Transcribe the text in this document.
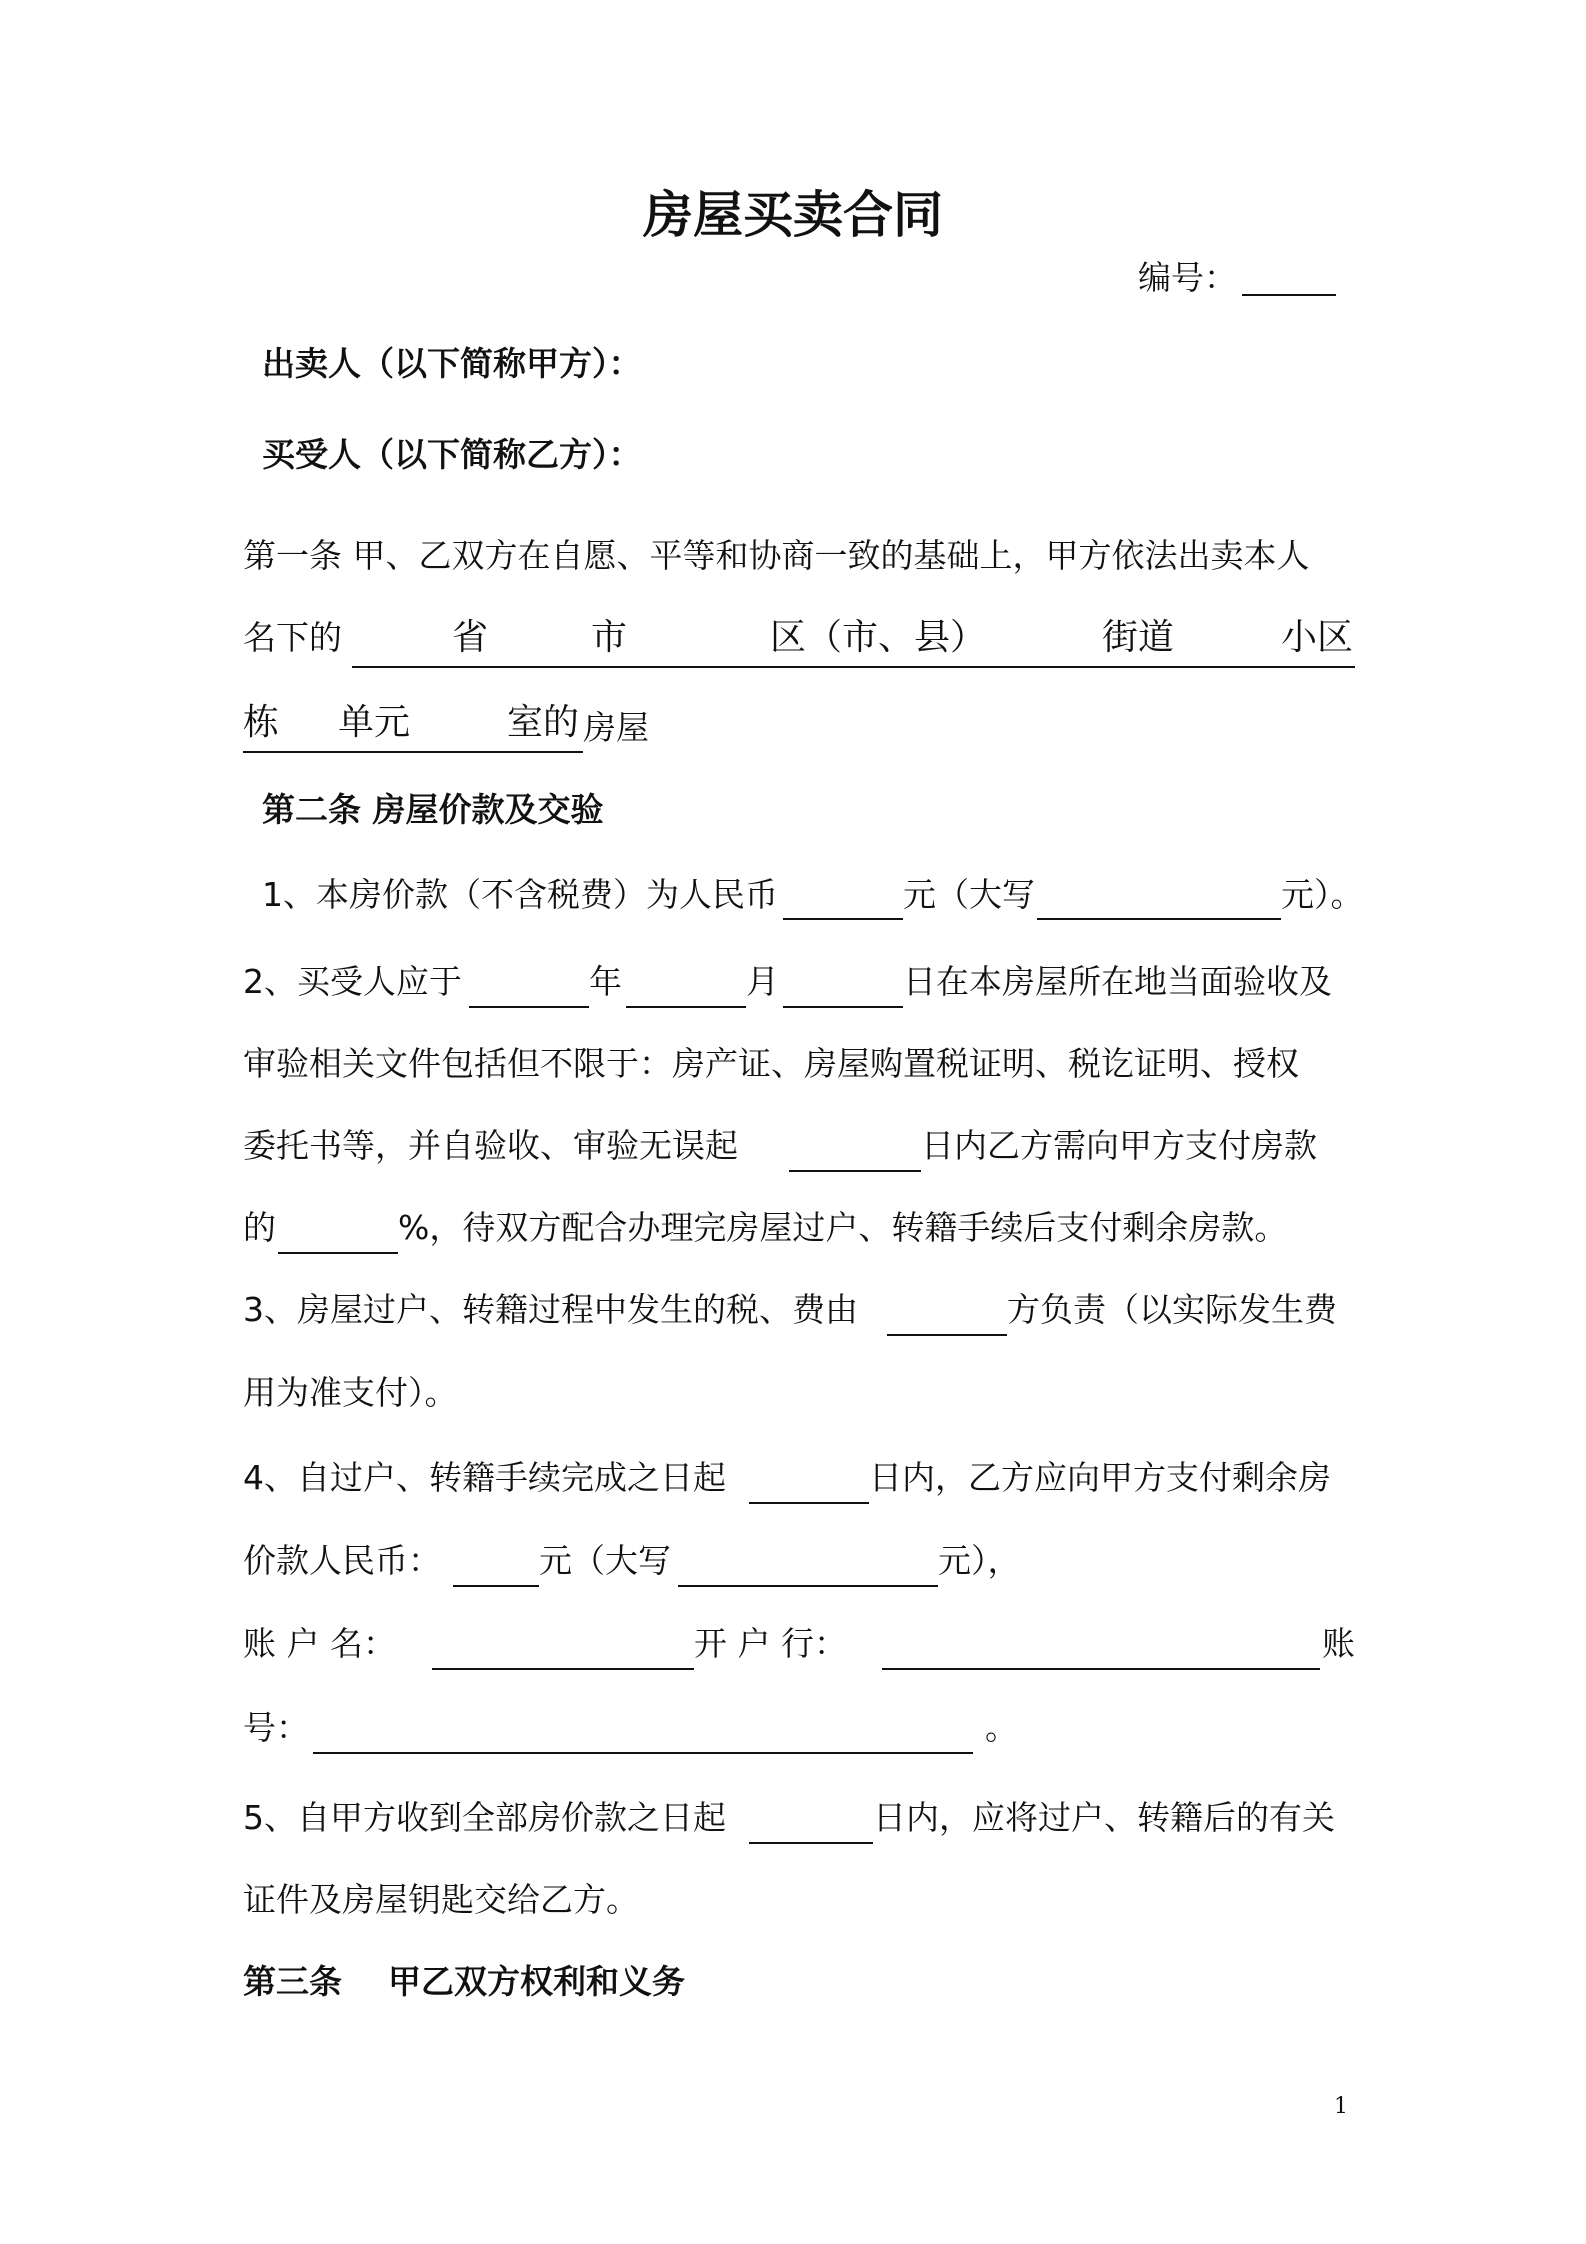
房屋买卖合同
编号：
出卖人（以下简称甲方）：
买受人（以下简称乙方）：
第一条 甲、乙双方在自愿、平等和协商一致的基础上，甲方依法出卖本人
名下的	省	市	区（市、县）	街道	小区
栋 单元	室的 房屋
第二条 房屋价款及交验
1、本房价款（不含税费）为人民币	元（大写	元）。
2、买受人应于	年	月	日在本房屋所在地当面验收及
审验相关文件包括但不限于：房产证、房屋购置税证明、税讫证明、授权
委托书等，并自验收、审验无误起	日内乙方需向甲方支付房款
的	%，待双方配合办理完房屋过户、转籍手续后支付剩余房款。
3、房屋过户、转籍过程中发生的税、费由	方负责（以实际发生费
用为准支付）。
4、自过户、转籍手续完成之日起	日内，乙方应向甲方支付剩余房
价款人民币：	元（大写	元），
账 户 名：	开 户 行：	账
号：	。
5、自甲方收到全部房价款之日起	日内，应将过户、转籍后的有关
证件及房屋钥匙交给乙方。
第三条    甲乙双方权利和义务
1
